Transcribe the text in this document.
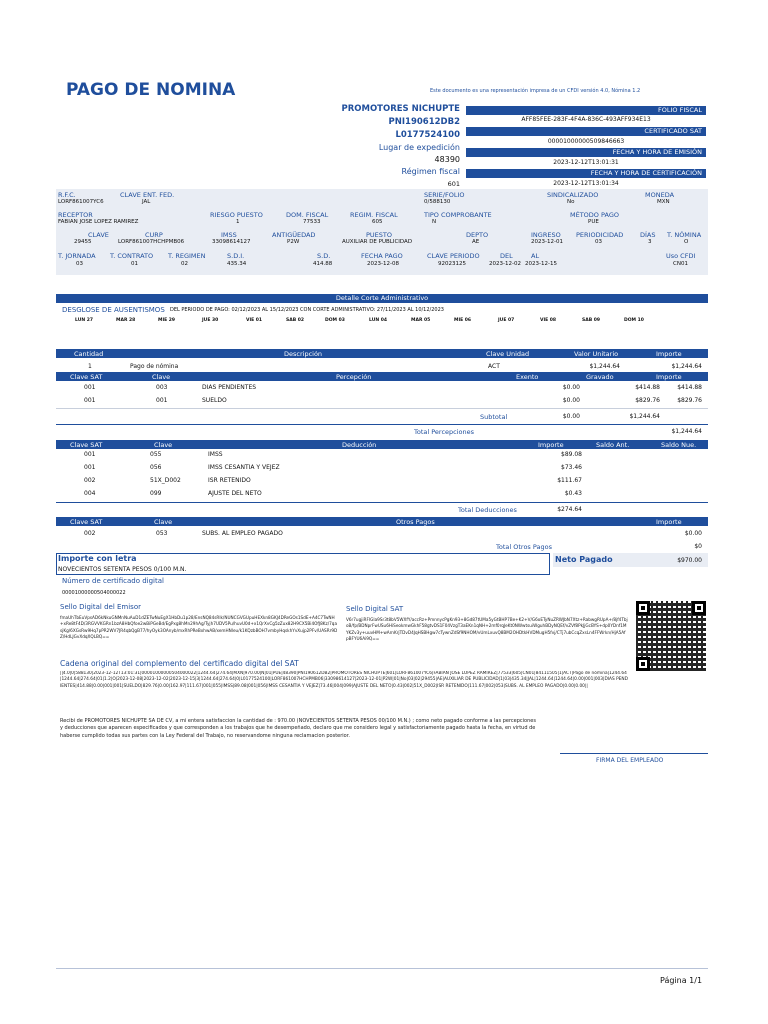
PAGO DE NOMINA	Este documento es una representación impresa de un CFDI versión 4.0, Nómina 1.2
PROMOTORES NICHUPTE
PNI190612DB2
L0177524100
Lugar de expedición
48390
Régimen fiscal
601
FOLIO FISCAL
AFF85FEE-283F-4F4A-836C-493AFF934E13
CERTIFICADO SAT
00001000000509846663
FECHA Y HORA DE EMISIÓN
2023-12-12T13:01:31
FECHA Y HORA DE CERTIFICACIÓN
2023-12-12T13:01:34
R.F.C.
LORF861007YC6
CLAVE ENT. FED.
JAL
SERIE/FOLIO
0/588130
SINDICALIZADO
No
MONEDA
MXN
RECEPTOR
FABIAN JOSE LOPEZ RAMIREZ
RIESGO PUESTO
1
DOM. FISCAL
77533
REGIM. FISCAL
605
TIPO COMPROBANTE
N
MÉTODO PAGO
PUE
CLAVE
29455
CURP
LORF861007HCHPMB06
IMSS
33098614127
ANTIGÜEDAD
P2W
PUESTO
AUXILIAR DE PUBLICIDAD
DEPTO
AE
INGRESO
2023-12-01
PERIODICIDAD
03
DÍAS
3
T. NÓMINA
O
T. JORNADA
03
T. CONTRATO
01
T. REGIMEN
02
S.D.I.
435.34
S.D.
414.88
FECHA PAGO
2023-12-08
CLAVE PERIODO
92023125
DEL
2023-12-02
AL
2023-12-15
Uso CFDI
CN01
Detalle Corte Administrativo
DESGLOSE DE AUSENTISMOS DEL PERIODO DE PAGO: 02/12/2023 AL 15/12/2023 CON CORTE ADMINISTRATIVO: 27/11/2023 AL 10/12/2023
LUN 27	MAR 28	MIE 29	JUE 30	VIE 01	SAB 02	DOM 03	LUN 04	MAR 05	MIE 06	JUE 07	VIE 08	SAB 09	DOM 10
Cantidad	Descripción	Clave Unidad	Valor Unitario	Importe
1	Pago de nómina	ACT	$1,244.64	$1,244.64
Clave SAT	Clave	Percepción	Exento	Gravado	Importe
001	003	DIAS PENDIENTES	$0.00	$414.88	$414.88
001	001	SUELDO	$0.00	$829.76	$829.76
Subtotal	$0.00	$1,244.64
Total Percepciones	$1,244.64
Clave SAT	Clave	Deducción	Importe	Saldo Ant.	Saldo Nue.
001	055	IMSS	$89.08
001	056	IMSS CESANTIA Y VEJEZ	$73.46
002	51X_D002	ISR RETENIDO	$111.67
004	099	AJUSTE DEL NETO	$0.43
Total Deducciones	$274.64
Clave SAT	Clave	Otros Pagos	Importe
002	053	SUBS. AL EMPLEO PAGADO	$0.00
Total Otros Pagos	$0
Importe con letra
NOVECIENTOS SETENTA PESOS 0/100 M.N.
Neto Pagado	$970.00
Número de certificado digital
00001000000504000022
Sello Digital del Emisor
fmaUhTbEuVpsAD6kNkuGNMnNuAuD1dZETwNuEgX1HbDu1p28/EnsNQ84sRlk/NUNCGVGUpuHEXkn8GKJ4DReGOs1SdE+A4C7TwNH+xRe8tF4D/3RGVVKGRn1bzA8HbQfoe2wBiPGeBd/EgPxg8hMn29hAg/Tyjh7UDV5Pu/huvU0d+x1QrXvCg5zZux82H9CX5Bi4OfJ8Kz/7qasjKg/6XGsRw9Hq7pPR2WV7JR4qbQgB77/hyOyk3OAnyb/mxRhPReBxhwAB/xemHNleu/k1KQzbBOH7vmbyHqskhYvXujp2PFv/UASRr9DZ/HdLJGvXdqXQLBQ==
Sello Digital SAT
V6r7ugjiRFIGIa9Sr3t8bV5WXfY/accRz+PmnnycPgKn93+8Gd87tUMa5yGtBHP7Be+K2+V/G6oETyNuZRWJbN7Xtz+RabwgRUpA+/8jf4TbjoB/fp/BDNprFwUSu6HiSeokmwGkhF58gtvDS1F04VzgT3aEKn1qNH+2mf0rqJeKt0NWwtsuiWguhBDyNQEf/vZVf8PkJjGcBYS+dp0YDnf1MYKZv3y+uuvHM+wArnKrjTDvD4JqHSBHgw7cTywnZdSf9NHOM/vUmLxuvQ8BM2OHDtkHVDMugH5fvj/CTj7ubCcqZxsLn4FFWrkn/HjA5AfpBFYU6Ai9Q==
Cadena original del complemento del certificado digital del SAT
||4.0|0|588130|2023-12-12T13:01:31|00001000000504000022|1244.64|274.64|MXN|970.00|N|01|PUE|48390|PNI190612DB2|PROMOTORES NICHUPTE|601|LORF861007YC6|FABIAN JOSE LOPEZ RAMIREZ|77533|605|CN01|84111505|1|ACT|Pago de nómina|1244.64|1244.64|274.64|01|1.2|O|2023-12-08|2023-12-02|2023-12-15|3|1244.64|274.64|0|L0177524100|LORF861007HCHPMB06|33098614127|2023-12-01|P2W|01|No|03|02|29455|AE|AUXILIAR DE PUBLICIDAD|1|03|435.34|JAL|1244.64|1244.64|0.00|001|003|DIAS PENDIENTES|414.88|0.00|001|001|SUELDO|829.76|0.00|162.97|111.67|001|055|IMSS|89.08|001|056|IMSS CESANTIA Y VEJEZ|73.46|004|099|AJUSTE DEL NETO|0.43|002|51X_D002|ISR RETENIDO|111.67|002|053|SUBS. AL EMPLEO PAGADO|0.00|0.00||
Recibí de PROMOTORES NICHUPTE SA DE CV, a mi entera satisfaccion la cantidad de : 970.00 (NOVECIENTOS SETENTA PESOS 00/100 M.N.) ; como neto pagado conforme a las percepciones y deducciones que aparecen especificados y que corresponden a los trabajos que he desempeñado, declaro que me considero legal y satisfactoriamente pagado hasta la fecha, en virtud de haberse cumplido todas sus partes con la Ley Federal del Trabajo, no reservandome ninguna reclamacion posterior.
FIRMA DEL EMPLEADO
Página 1/1
